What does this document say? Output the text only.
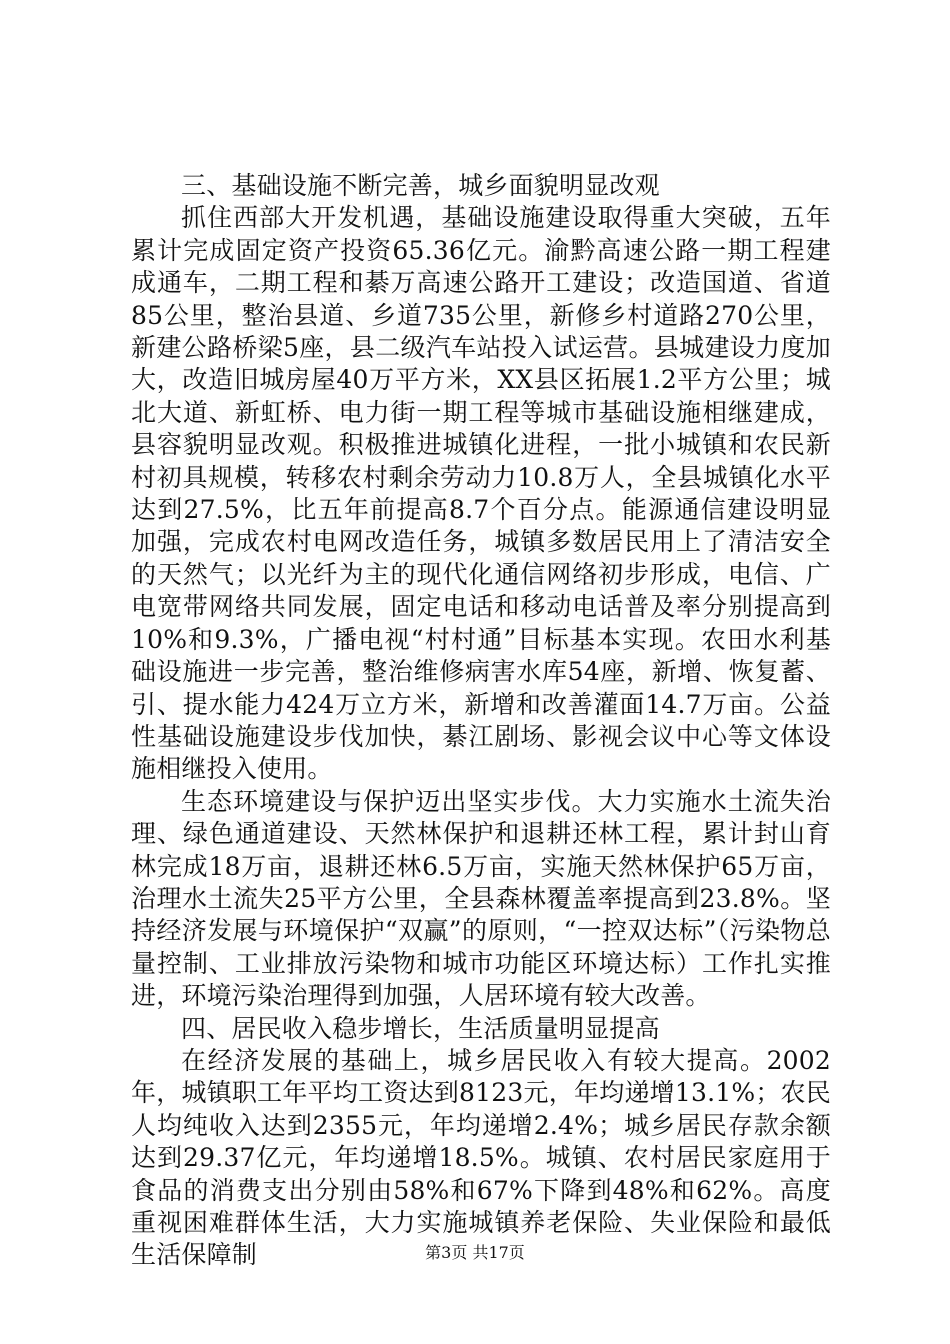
三、基础设施不断完善，城乡面貌明显改观

抓住西部大开发机遇，基础设施建设取得重大突破，五年累计完成固定资产投资65.36亿元。渝黔高速公路一期工程建成通车，二期工程和綦万高速公路开工建设；改造国道、省道85公里，整治县道、乡道735公里，新修乡村道路270公里，新建公路桥梁5座，县二级汽车站投入试运营。县城建设力度加大，改造旧城房屋40万平方米，XX县区拓展1.2平方公里；城北大道、新虹桥、电力街一期工程等城市基础设施相继建成，县容貌明显改观。积极推进城镇化进程，一批小城镇和农民新村初具规模，转移农村剩余劳动力10.8万人，全县城镇化水平达到27.5%，比五年前提高8.7个百分点。能源通信建设明显加强，完成农村电网改造任务，城镇多数居民用上了清洁安全的天然气；以光纤为主的现代化通信网络初步形成，电信、广电宽带网络共同发展，固定电话和移动电话普及率分别提高到10%和9.3%，广播电视“村村通”目标基本实现。农田水利基础设施进一步完善，整治维修病害水库54座，新增、恢复蓄、引、提水能力424万立方米，新增和改善灌面14.7万亩。公益性基础设施建设步伐加快，綦江剧场、影视会议中心等文体设施相继投入使用。

生态环境建设与保护迈出坚实步伐。大力实施水土流失治理、绿色通道建设、天然林保护和退耕还林工程，累计封山育林完成18万亩，退耕还林6.5万亩，实施天然林保护65万亩，治理水土流失25平方公里，全县森林覆盖率提高到23.8%。坚持经济发展与环境保护“双赢”的原则，“一控双达标”（污染物总量控制、工业排放污染物和城市功能区环境达标）工作扎实推进，环境污染治理得到加强，人居环境有较大改善。

四、居民收入稳步增长，生活质量明显提高

在经济发展的基础上，城乡居民收入有较大提高。2002年，城镇职工年平均工资达到8123元，年均递增13.1%；农民人均纯收入达到2355元，年均递增2.4%；城乡居民存款余额达到29.37亿元，年均递增18.5%。城镇、农村居民家庭用于食品的消费支出分别由58%和67%下降到48%和62%。高度重视困难群体生活，大力实施城镇养老保险、失业保险和最低生活保障制	第3页 共17页
